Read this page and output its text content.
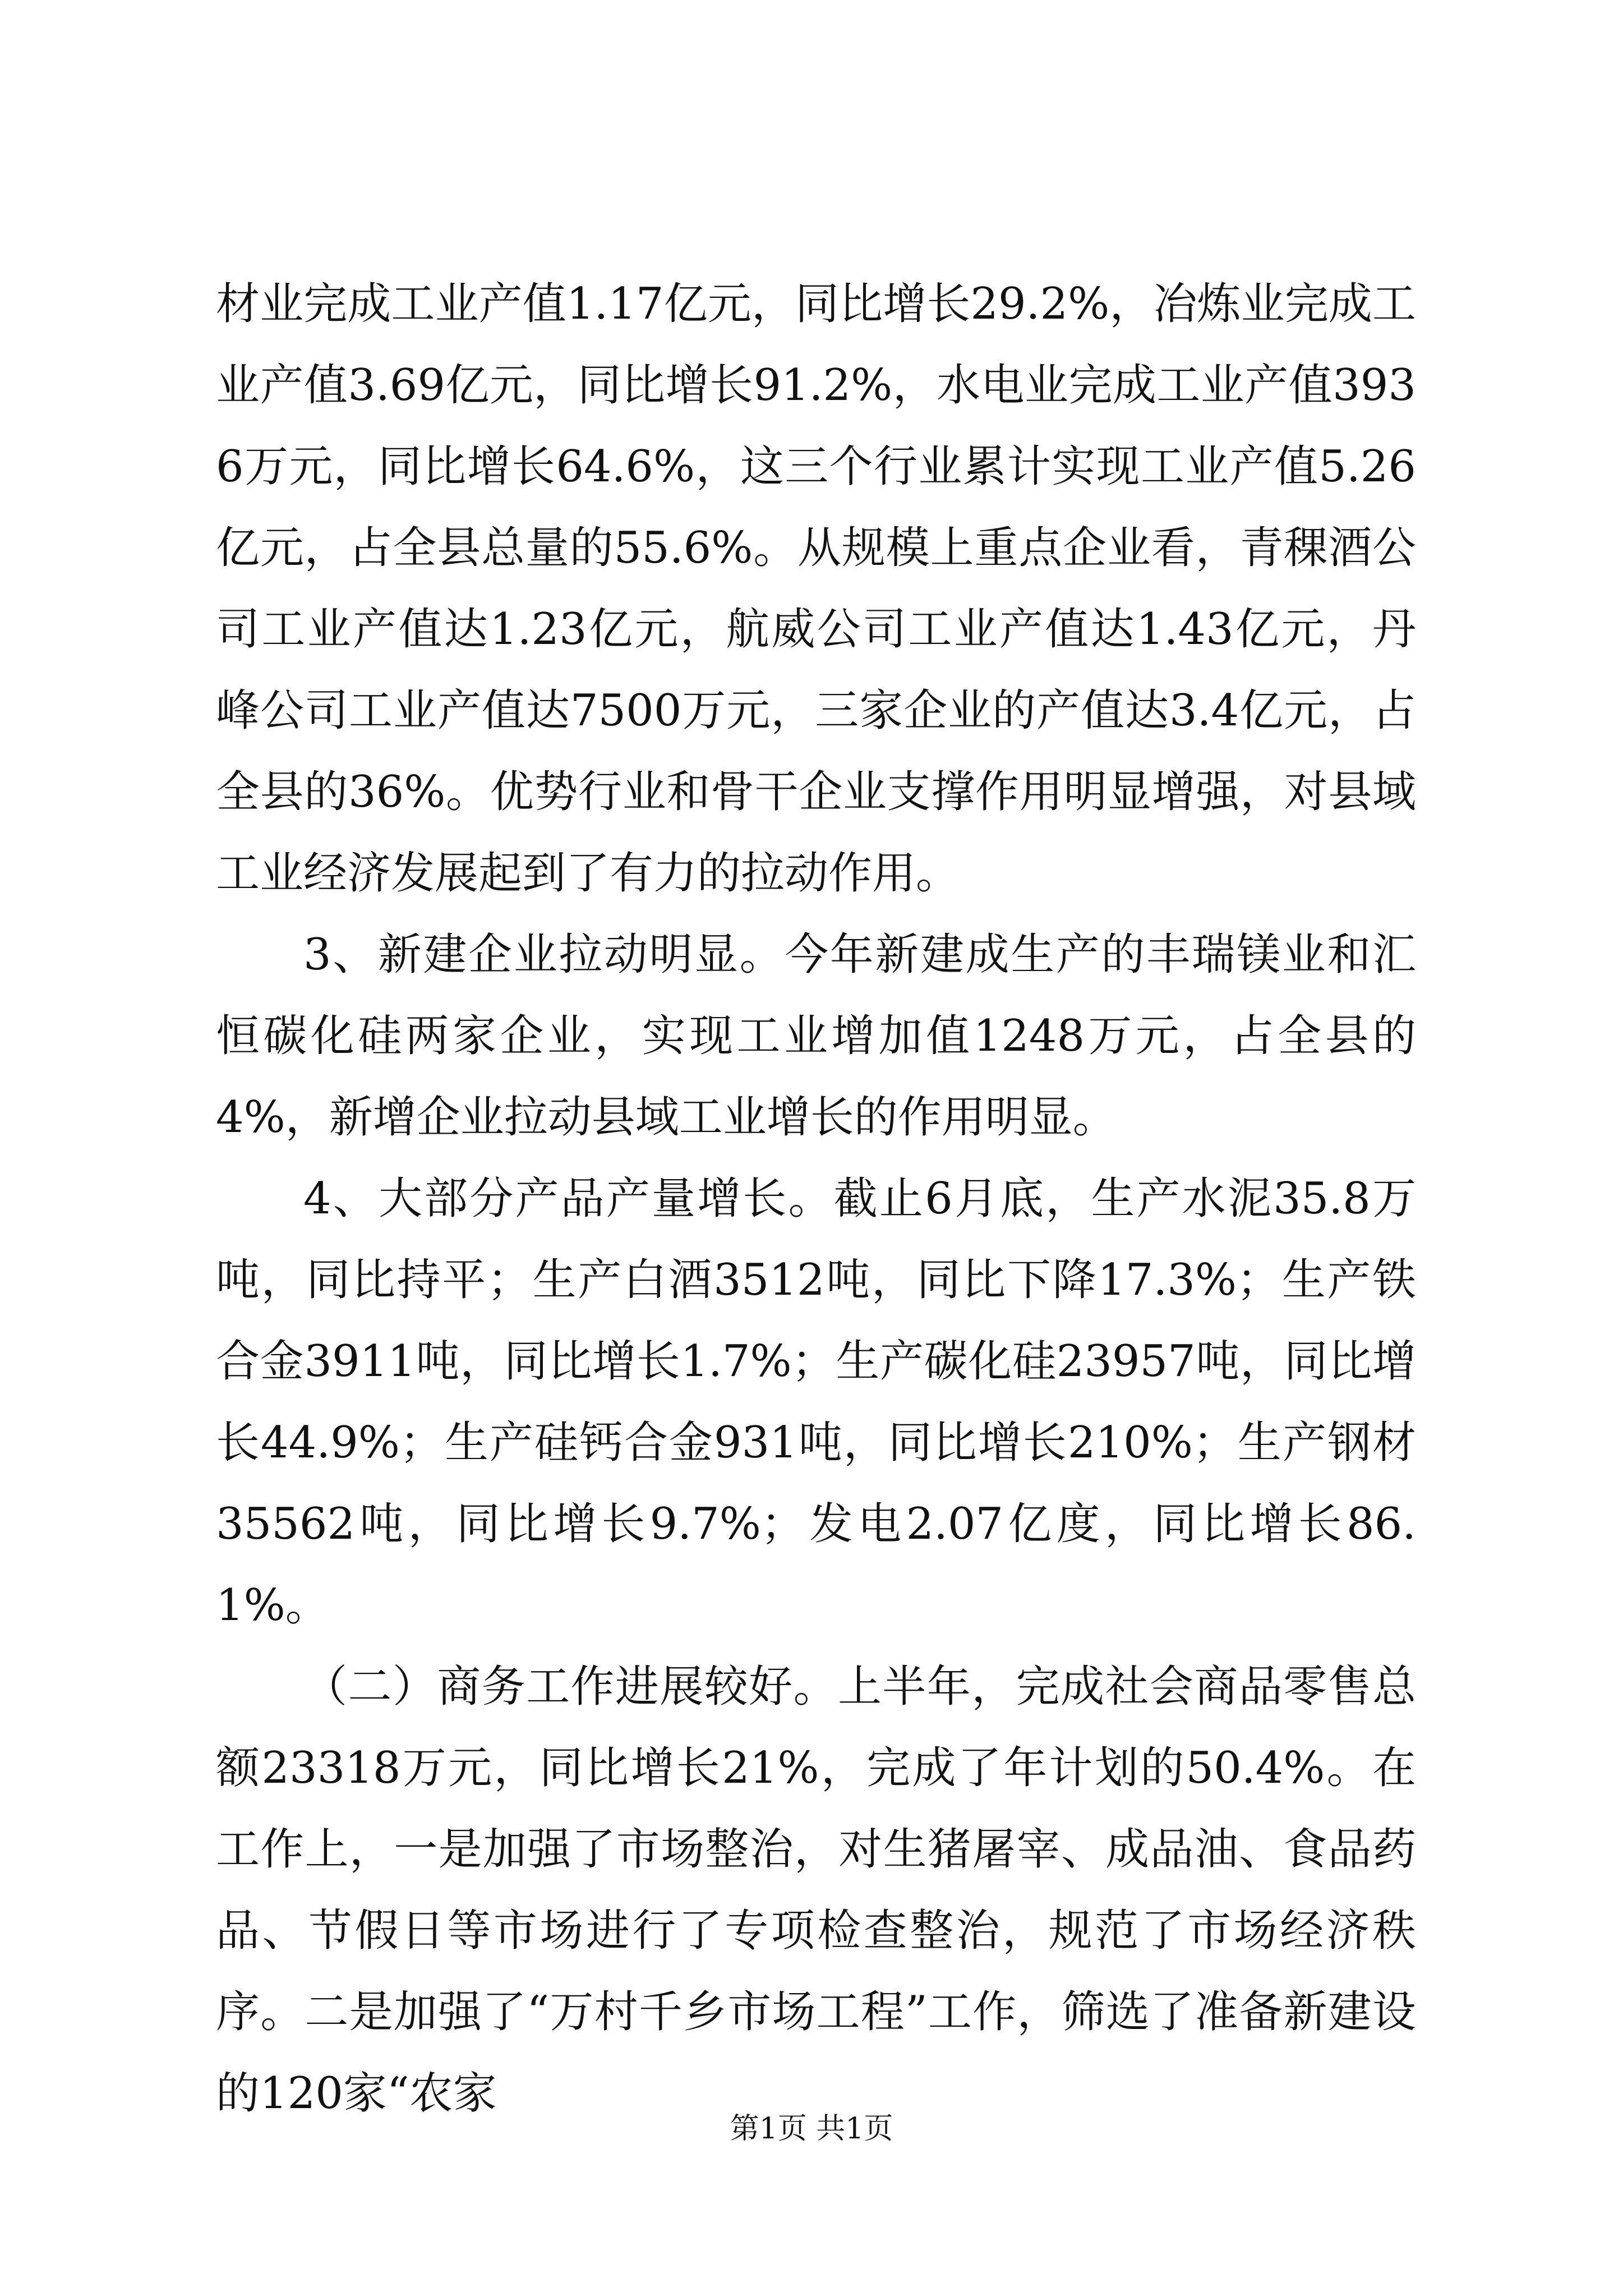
材业完成工业产值1.17亿元，同比增长29.2%，冶炼业完成工业产值3.69亿元，同比增长91.2%，水电业完成工业产值3936万元，同比增长64.6%，这三个行业累计实现工业产值5.26亿元，占全县总量的55.6%。从规模上重点企业看，青稞酒公司工业产值达1.23亿元，航威公司工业产值达1.43亿元，丹峰公司工业产值达7500万元，三家企业的产值达3.4亿元，占全县的36%。优势行业和骨干企业支撑作用明显增强，对县域工业经济发展起到了有力的拉动作用。

3、新建企业拉动明显。今年新建成生产的丰瑞镁业和汇恒碳化硅两家企业，实现工业增加值1248万元，占全县的4%，新增企业拉动县域工业增长的作用明显。

4、大部分产品产量增长。截止6月底，生产水泥35.8万吨，同比持平；生产白酒3512吨，同比下降17.3%；生产铁合金3911吨，同比增长1.7%；生产碳化硅23957吨，同比增长44.9%；生产硅钙合金931吨，同比增长210%；生产钢材35562吨，同比增长9.7%；发电2.07亿度，同比增长86.1%。

（二）商务工作进展较好。上半年，完成社会商品零售总额23318万元，同比增长21%，完成了年计划的50.4%。在工作上，一是加强了市场整治，对生猪屠宰、成品油、食品药品、节假日等市场进行了专项检查整治，规范了市场经济秩序。二是加强了“万村千乡市场工程”工作，筛选了准备新建设的120家“农家

第1页 共1页
